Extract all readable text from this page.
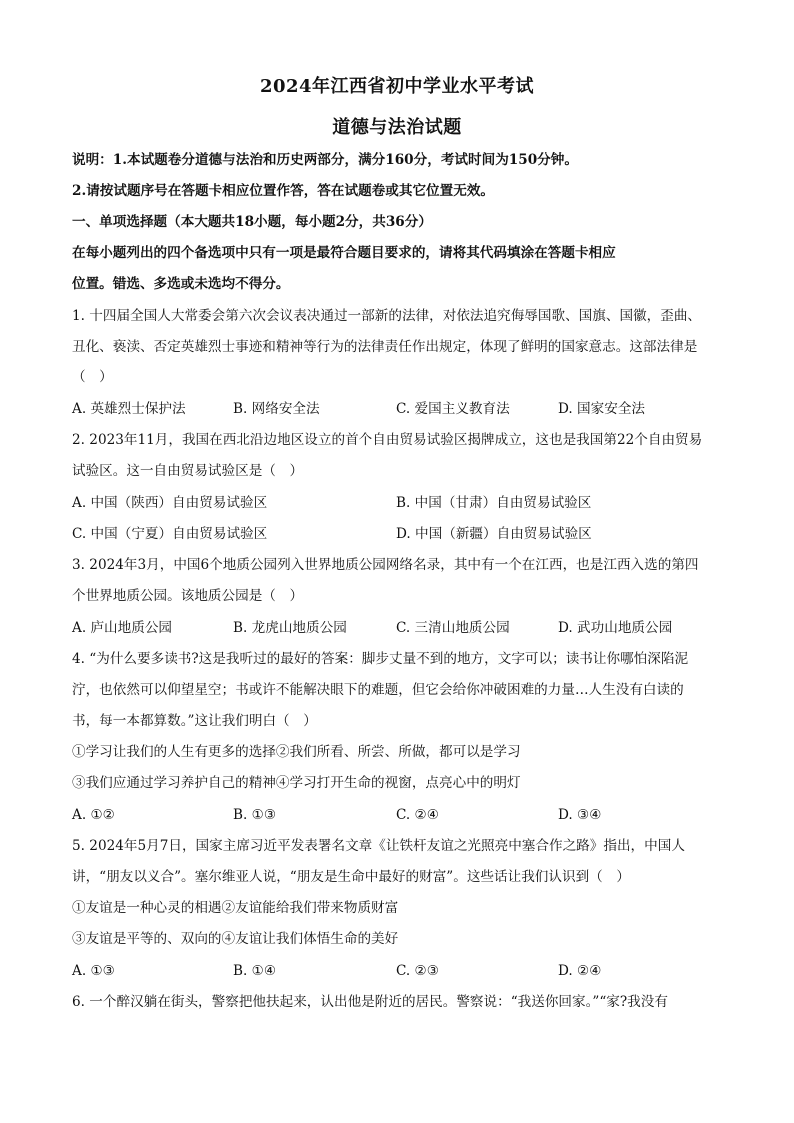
2024年江西省初中学业水平考试
道德与法治试题
说明：1.本试题卷分道德与法治和历史两部分，满分160分，考试时间为150分钟。
2.请按试题序号在答题卡相应位置作答，答在试题卷或其它位置无效。
一、单项选择题（本大题共18小题，每小题2分，共36分）
在每小题列出的四个备选项中只有一项是最符合题目要求的，请将其代码填涂在答题卡相应
位置。错选、多选或未选均不得分。
1. 十四届全国人大常委会第六次会议表决通过一部新的法律，对依法追究侮辱国歌、国旗、国徽，歪曲、
丑化、亵渎、否定英雄烈士事迹和精神等行为的法律责任作出规定，体现了鲜明的国家意志。这部法律是
（　）
A. 英雄烈士保护法	B. 网络安全法	C. 爱国主义教育法	D. 国家安全法
2. 2023年11月，我国在西北沿边地区设立的首个自由贸易试验区揭牌成立，这也是我国第22个自由贸易
试验区。这一自由贸易试验区是（　）
A. 中国（陕西）自由贸易试验区	B. 中国（甘肃）自由贸易试验区
C. 中国（宁夏）自由贸易试验区	D. 中国（新疆）自由贸易试验区
3. 2024年3月，中国6个地质公园列入世界地质公园网络名录，其中有一个在江西，也是江西入选的第四
个世界地质公园。该地质公园是（　）
A. 庐山地质公园	B. 龙虎山地质公园	C. 三清山地质公园	D. 武功山地质公园
4. “为什么要多读书?这是我听过的最好的答案：脚步丈量不到的地方，文字可以；读书让你哪怕深陷泥
泞，也依然可以仰望星空；书或许不能解决眼下的难题，但它会给你冲破困难的力量…人生没有白读的
书，每一本都算数。”这让我们明白（　）
①学习让我们的人生有更多的选择②我们所看、所尝、所做，都可以是学习
③我们应通过学习养护自己的精神④学习打开生命的视窗，点亮心中的明灯
A. ①②	B. ①③	C. ②④	D. ③④
5. 2024年5月7日，国家主席习近平发表署名文章《让铁杆友谊之光照亮中塞合作之路》指出，中国人
讲，“朋友以义合”。塞尔维亚人说，“朋友是生命中最好的财富”。这些话让我们认识到（　）
①友谊是一种心灵的相遇②友谊能给我们带来物质财富
③友谊是平等的、双向的④友谊让我们体悟生命的美好
A. ①③	B. ①④	C. ②③	D. ②④
6. 一个醉汉躺在街头，警察把他扶起来，认出他是附近的居民。警察说：“我送你回家。”“家?我没有
